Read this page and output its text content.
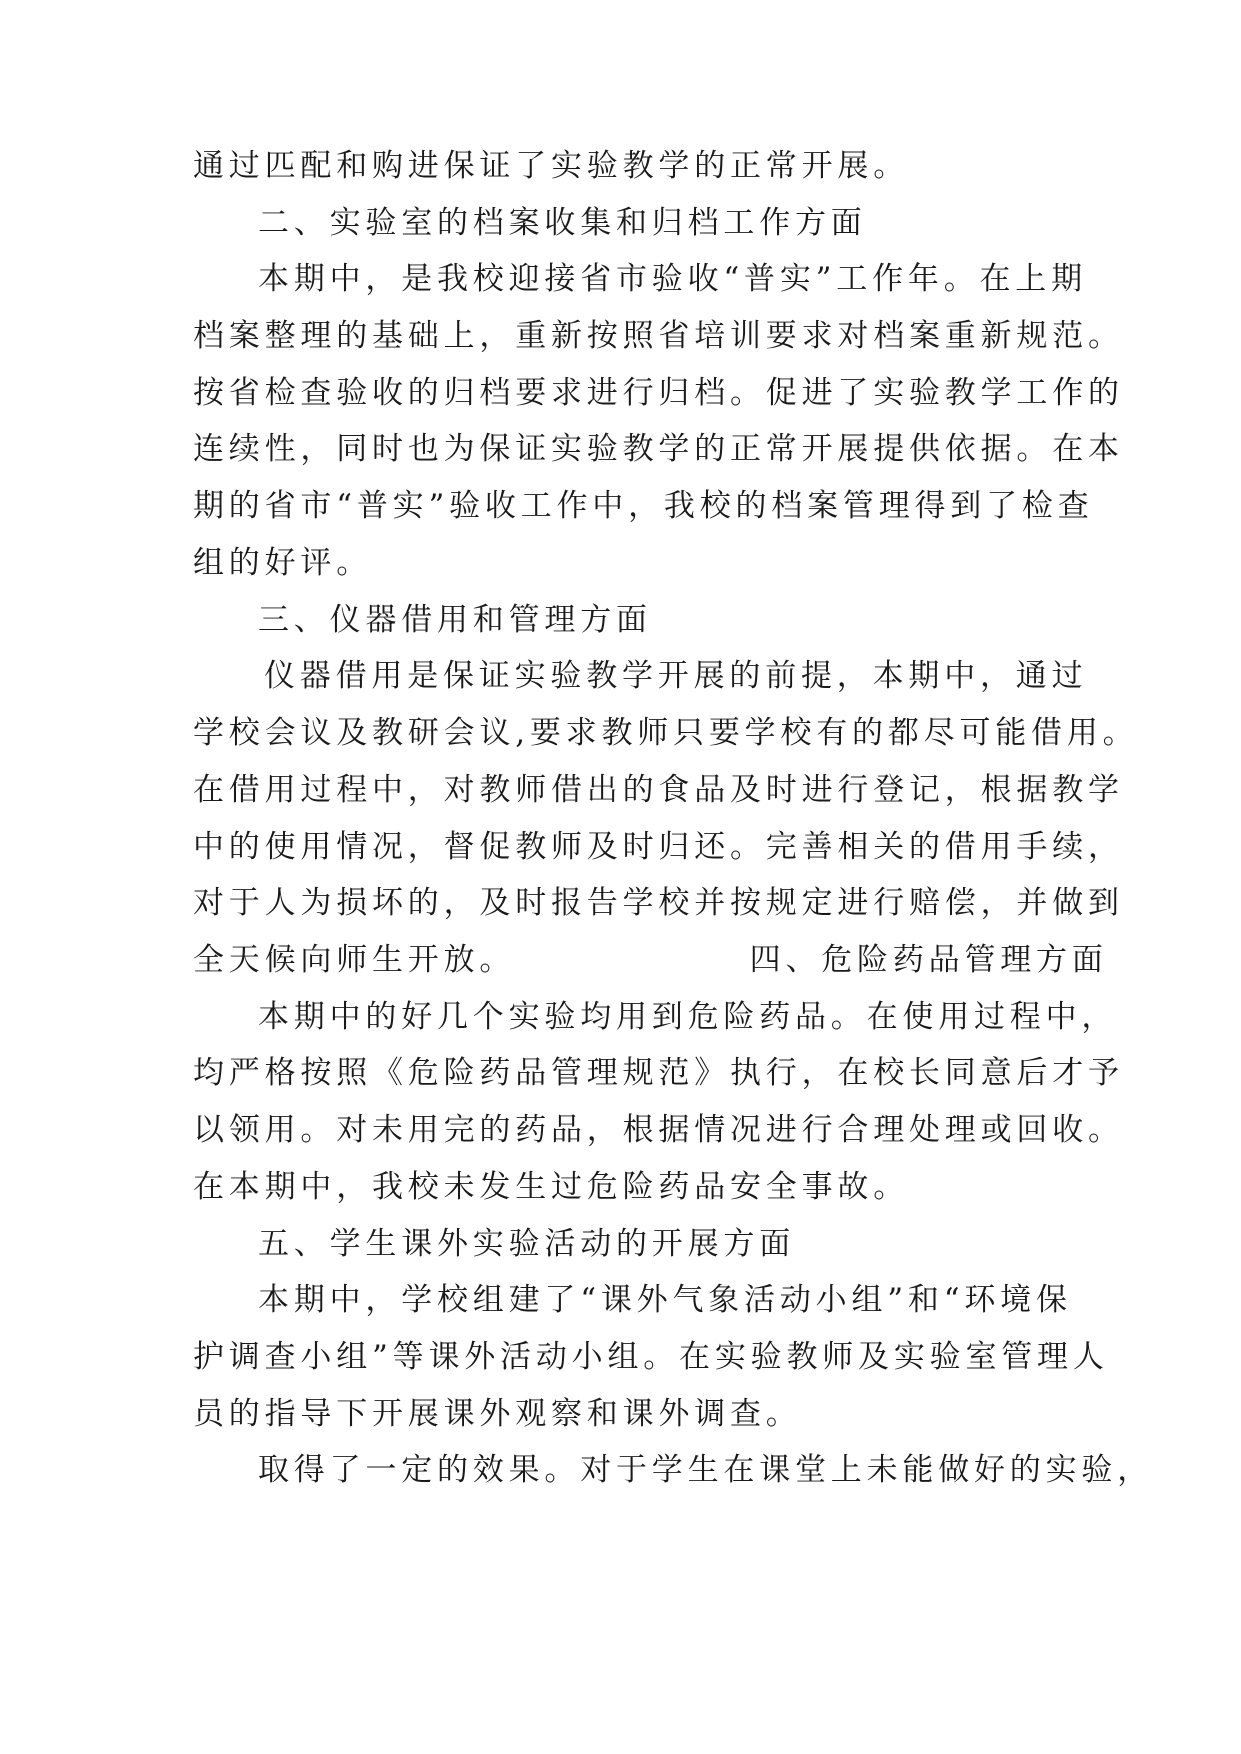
通过匹配和购进保证了实验教学的正常开展。
二、实验室的档案收集和归档工作方面
本期中，是我校迎接省市验收“普实”工作年。在上期
档案整理的基础上，重新按照省培训要求对档案重新规范。
按省检查验收的归档要求进行归档。促进了实验教学工作的
连续性，同时也为保证实验教学的正常开展提供依据。在本
期的省市“普实”验收工作中，我校的档案管理得到了检查
组的好评。
三、仪器借用和管理方面
仪器借用是保证实验教学开展的前提，本期中，通过
学校会议及教研会议,要求教师只要学校有的都尽可能借用。
在借用过程中，对教师借出的食品及时进行登记，根据教学
中的使用情况，督促教师及时归还。完善相关的借用手续，
对于人为损坏的，及时报告学校并按规定进行赔偿，并做到
全天候向师生开放。                四、危险药品管理方面
本期中的好几个实验均用到危险药品。在使用过程中，
均严格按照《危险药品管理规范》执行，在校长同意后才予
以领用。对未用完的药品，根据情况进行合理处理或回收。
在本期中，我校未发生过危险药品安全事故。
五、学生课外实验活动的开展方面
本期中，学校组建了“课外气象活动小组”和“环境保
护调查小组”等课外活动小组。在实验教师及实验室管理人
员的指导下开展课外观察和课外调查。
取得了一定的效果。对于学生在课堂上未能做好的实验，
